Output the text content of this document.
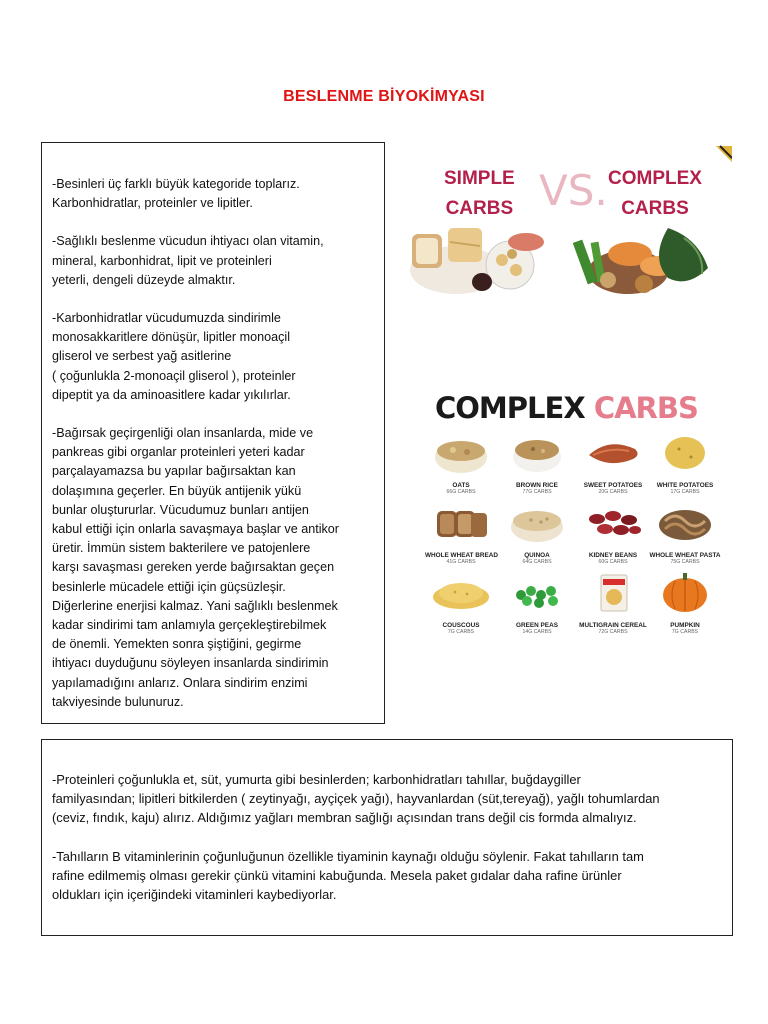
BESLENME BİYOKİMYASI
-Besinleri üç farklı büyük kategoride toplarız.
Karbonhidratlar, proteinler ve lipitler.
-Sağlıklı beslenme vücudun ihtiyacı olan vitamin,
mineral, karbonhidrat, lipit ve proteinleri
yeterli, dengeli düzeyde almaktır.
-Karbonhidratlar vücudumuzda sindirimle
monosakkaritlere dönüşür, lipitler monoaçil
gliserol ve serbest yağ asitlerine
( çoğunlukla 2-monoaçil gliserol ), proteinler
dipeptit ya da aminoasitlere kadar yıkılırlar.
-Bağırsak geçirgenliği olan insanlarda, mide ve
pankreas gibi organlar proteinleri yeteri kadar
parçalayamazsa bu yapılar bağırsaktan kan
dolaşımına geçerler. En büyük antijenik yükü
bunlar oluştururlar. Vücudumuz bunları antijen
kabul ettiği için onlarla savaşmaya başlar ve antikor
üretir. İmmün sistem bakterilere ve patojenlere
karşı savaşması gereken yerde bağırsaktan geçen
besinlerle mücadele ettiği için güçsüzleşir.
Diğerlerine enerjisi kalmaz. Yani sağlıklı beslenmek
kadar sindirimi tam anlamıyla gerçekleştirebilmek
de önemli. Yemekten sonra şiştiğini, gegirme
ihtiyacı duyduğunu söyleyen insanlarda sindirimin
yapılamadığını anlarız. Onlara sindirim enzimi
takviyesinde bulunuruz.
-Proteinleri çoğunlukla et, süt, yumurta gibi besinlerden; karbonhidratları tahıllar, buğdaygiller
familyasından; lipitleri bitkilerden ( zeytinyağı, ayçiçek yağı), hayvanlardan (süt,tereyağ), yağlı tohumlardan
(ceviz, fındık, kaju) alırız. Aldığımız yağları membran sağlığı açısından trans değil cis formda almalıyız.
-Tahılların B vitaminlerinin çoğunluğunun özellikle tiyaminin kaynağı olduğu söylenir. Fakat tahılların tam
rafine edilmemiş olması gerekir çünkü vitamini kabuğunda. Mesela paket gıdalar daha rafine ürünler
oldukları için içeriğindeki vitaminleri kaybediyorlar.
SIMPLE
CARBS VS. COMPLEX
CARBS
COMPLEX CARBS
OATS
66G CARBS
BROWN RICE
77G CARBS
SWEET POTATOES
20G CARBS
WHITE POTATOES
17G CARBS
WHOLE WHEAT BREAD
41G CARBS
QUINOA
64G CARBS
KIDNEY BEANS
60G CARBS
WHOLE WHEAT PASTA
75G CARBS
COUSCOUS
7G CARBS
GREEN PEAS
14G CARBS
MULTIGRAIN CEREAL
72G CARBS
PUMPKIN
7G CARBS
